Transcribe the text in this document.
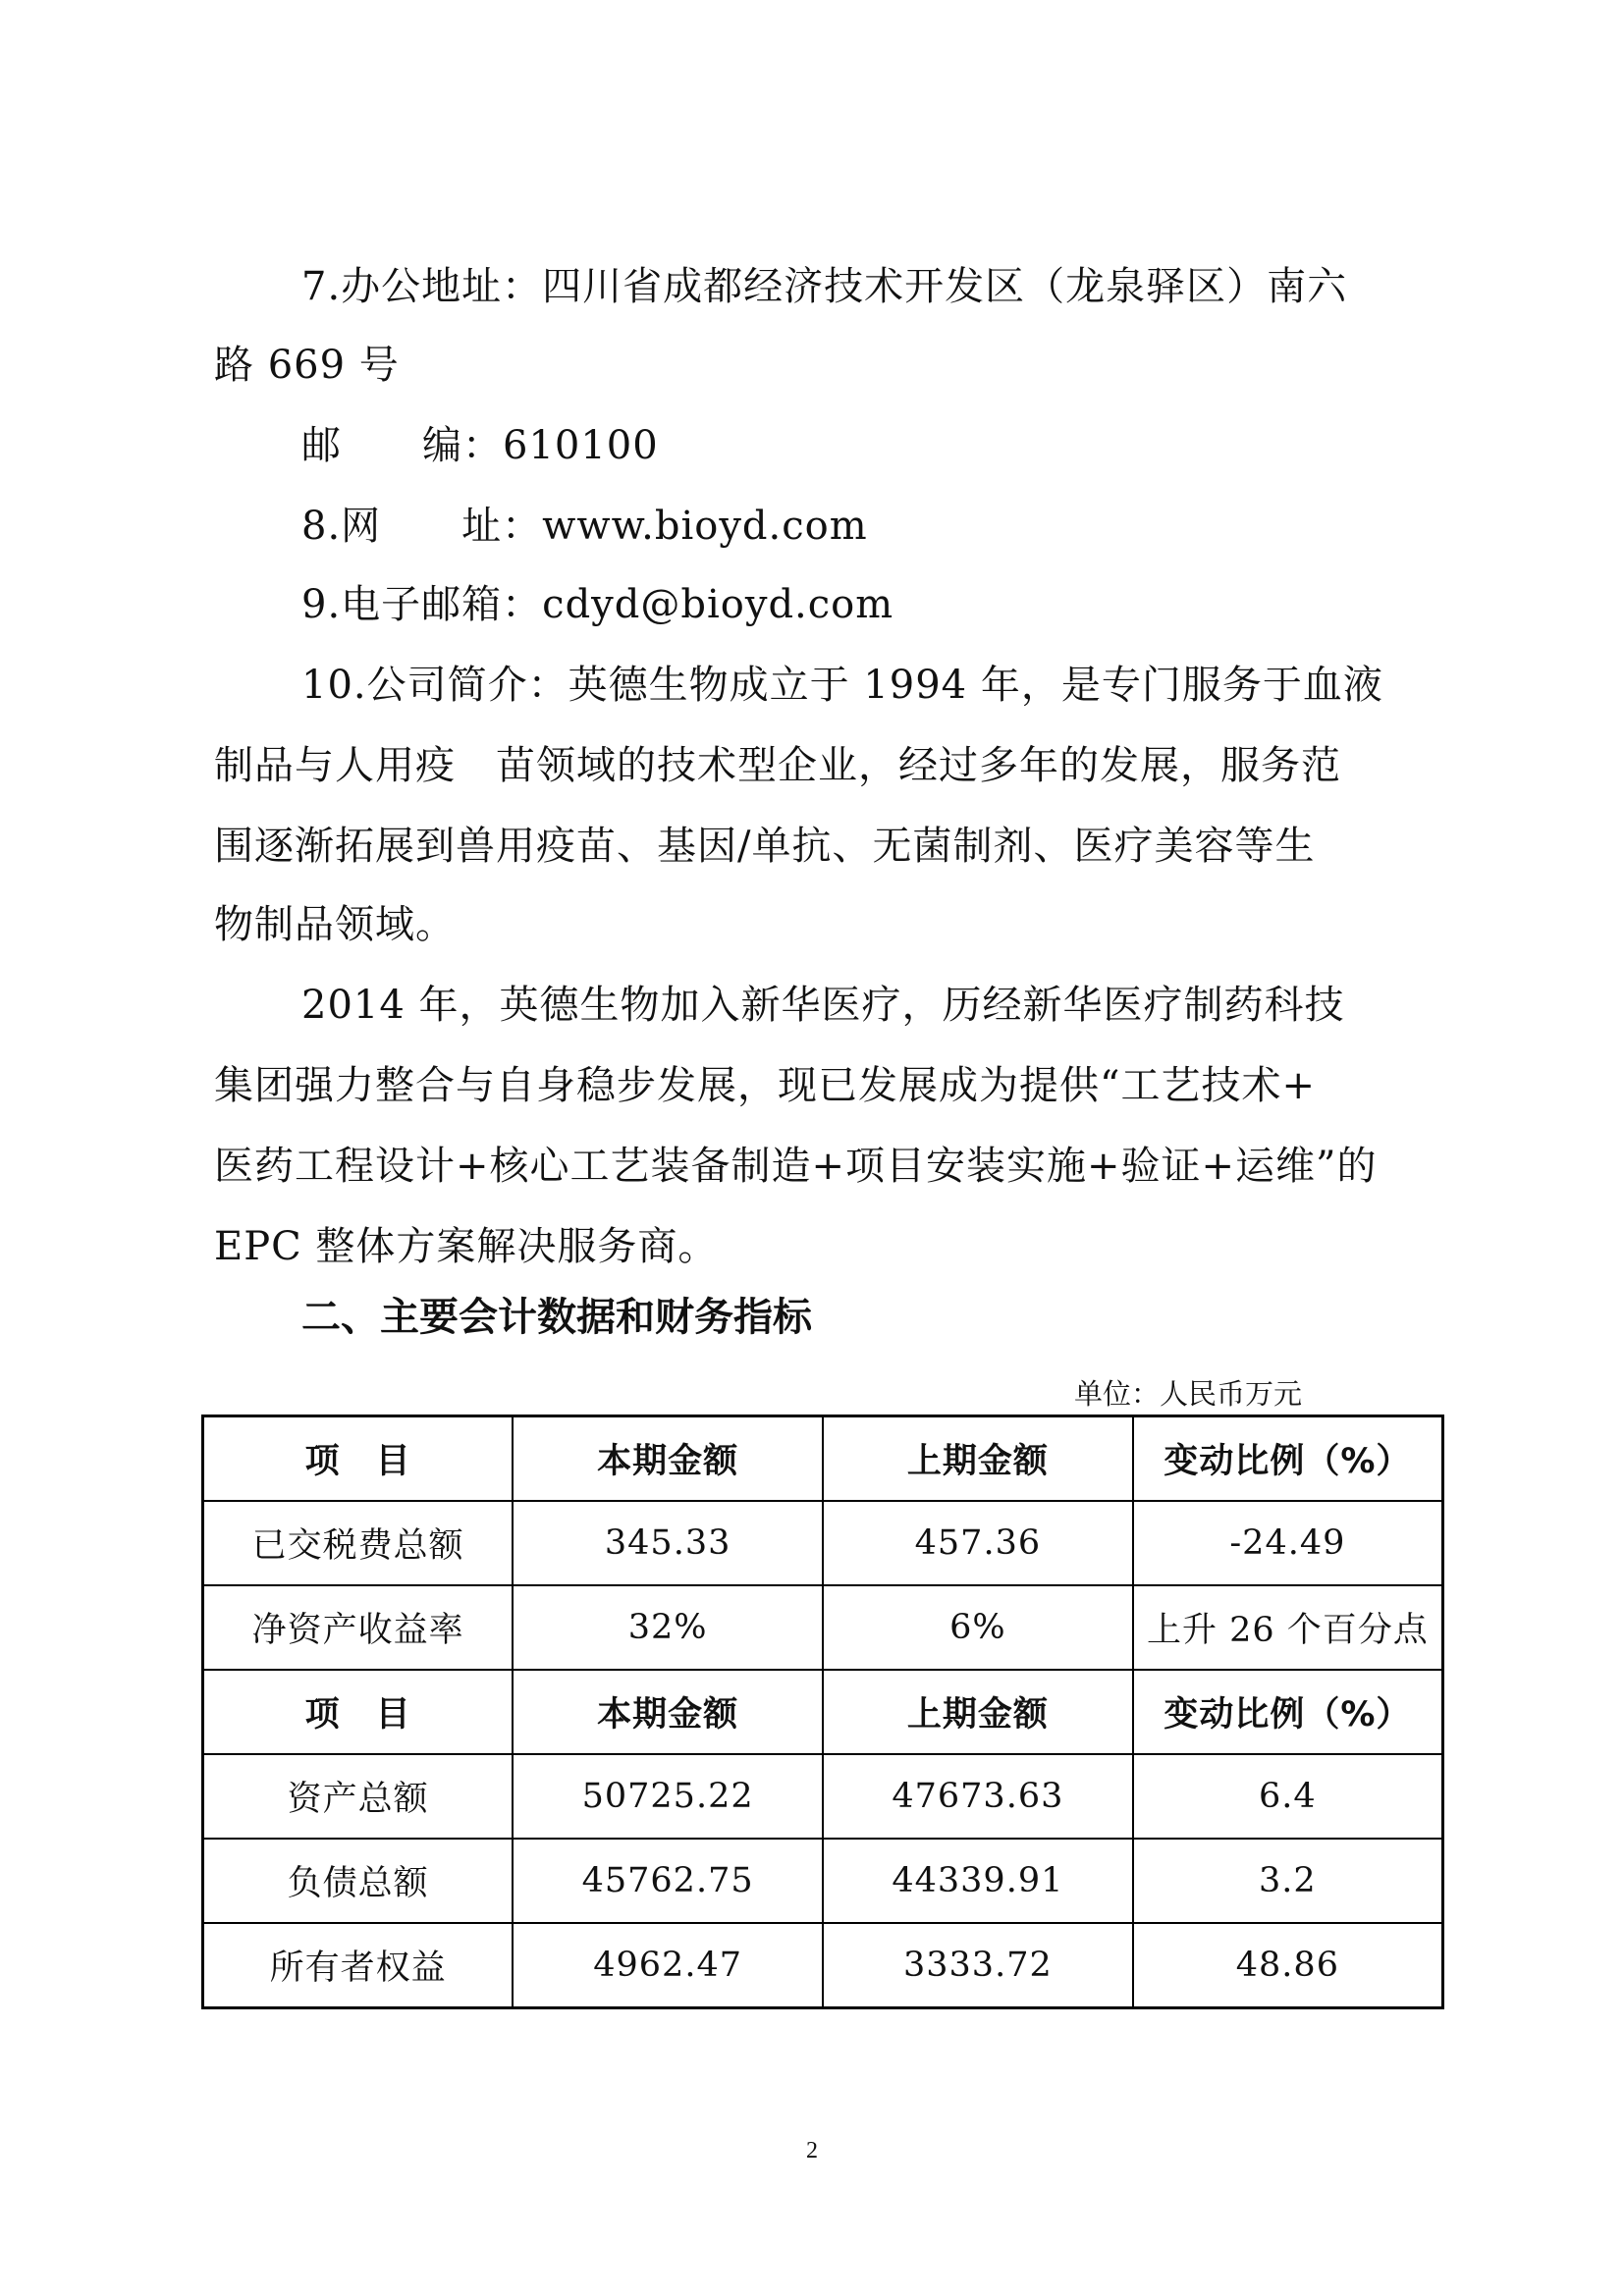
7.办公地址：四川省成都经济技术开发区（龙泉驿区）南六
路 669 号
邮　　编：610100
8.网　　址：www.bioyd.com
9.电子邮箱：cdyd@bioyd.com
10.公司简介：英德生物成立于 1994 年，是专门服务于血液
制品与人用疫　苗领域的技术型企业，经过多年的发展，服务范
围逐渐拓展到兽用疫苗、基因/单抗、无菌制剂、医疗美容等生
物制品领域。
2014 年，英德生物加入新华医疗，历经新华医疗制药科技
集团强力整合与自身稳步发展，现已发展成为提供“工艺技术+
医药工程设计+核心工艺装备制造+项目安装实施+验证+运维”的
EPC 整体方案解决服务商。
二、主要会计数据和财务指标
单位：人民币万元
项　目	本期金额	上期金额	变动比例（%）
已交税费总额	345.33	457.36	-24.49
净资产收益率	32%	6%	上升 26 个百分点
项　目	本期金额	上期金额	变动比例（%）
资产总额	50725.22	47673.63	6.4
负债总额	45762.75	44339.91	3.2
所有者权益	4962.47	3333.72	48.86
2
